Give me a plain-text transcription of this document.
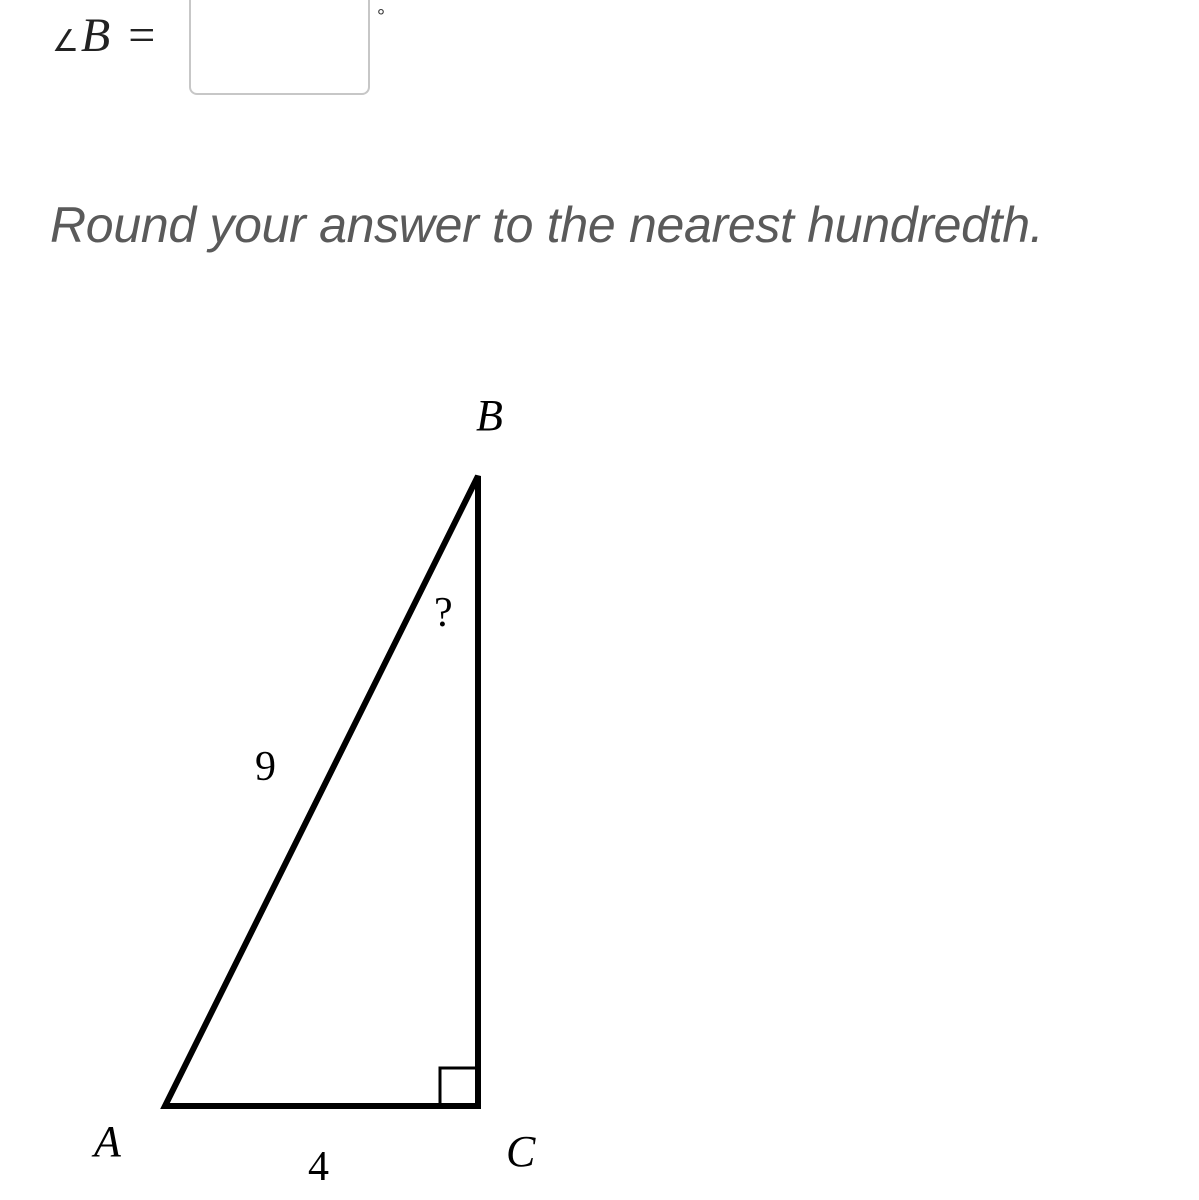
∠B =	°
Round your answer to the nearest hundredth.
B
A	C
?
9
4
